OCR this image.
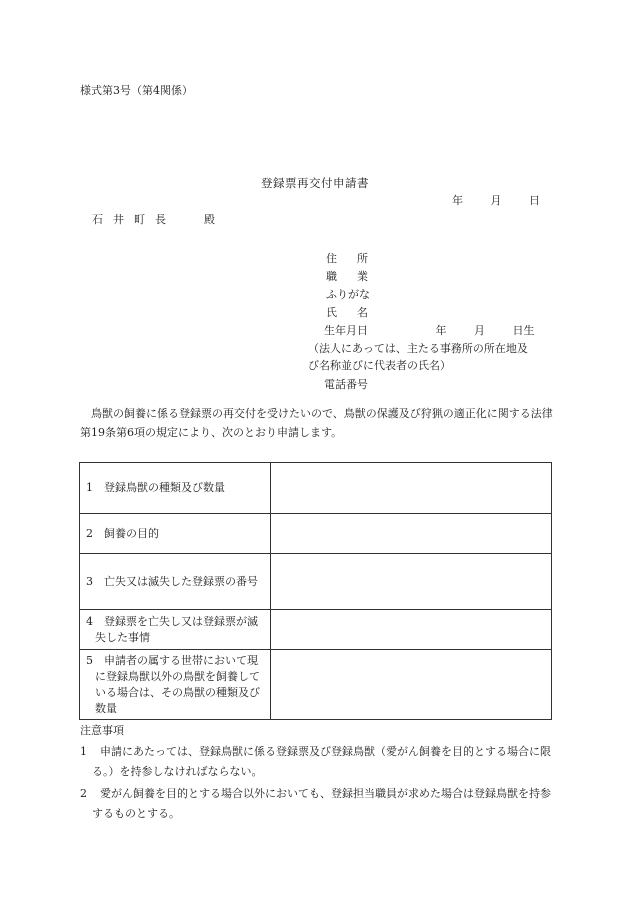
様式第3号（第4関係）
登録票再交付申請書
年	月	日
石井町長	殿
住所
職業
ふりがな
氏名
生年月日	年	月	日生
（法人にあっては、主たる事務所の所在地及
び名称並びに代表者の氏名）
電話番号
鳥獣の飼養に係る登録票の再交付を受けたいので、鳥獣の保護及び狩猟の適正化に関する法律第19条第6項の規定により、次のとおり申請します。
1　登録鳥獣の種類及び数量	

2　飼養の目的	

3　亡失又は滅失した登録票の番号	

4　登録票を亡失し又は登録票が滅失した事情	

5　申請者の属する世帯において現に登録鳥獣以外の鳥獣を飼養している場合は、その鳥獣の種類及び数量	

注意事項
1 申請にあたっては、登録鳥獣に係る登録票及び登録鳥獣（愛がん飼養を目的とする場合に限る。）を持参しなければならない。
2 愛がん飼養を目的とする場合以外においても、登録担当職員が求めた場合は登録鳥獣を持参するものとする。
